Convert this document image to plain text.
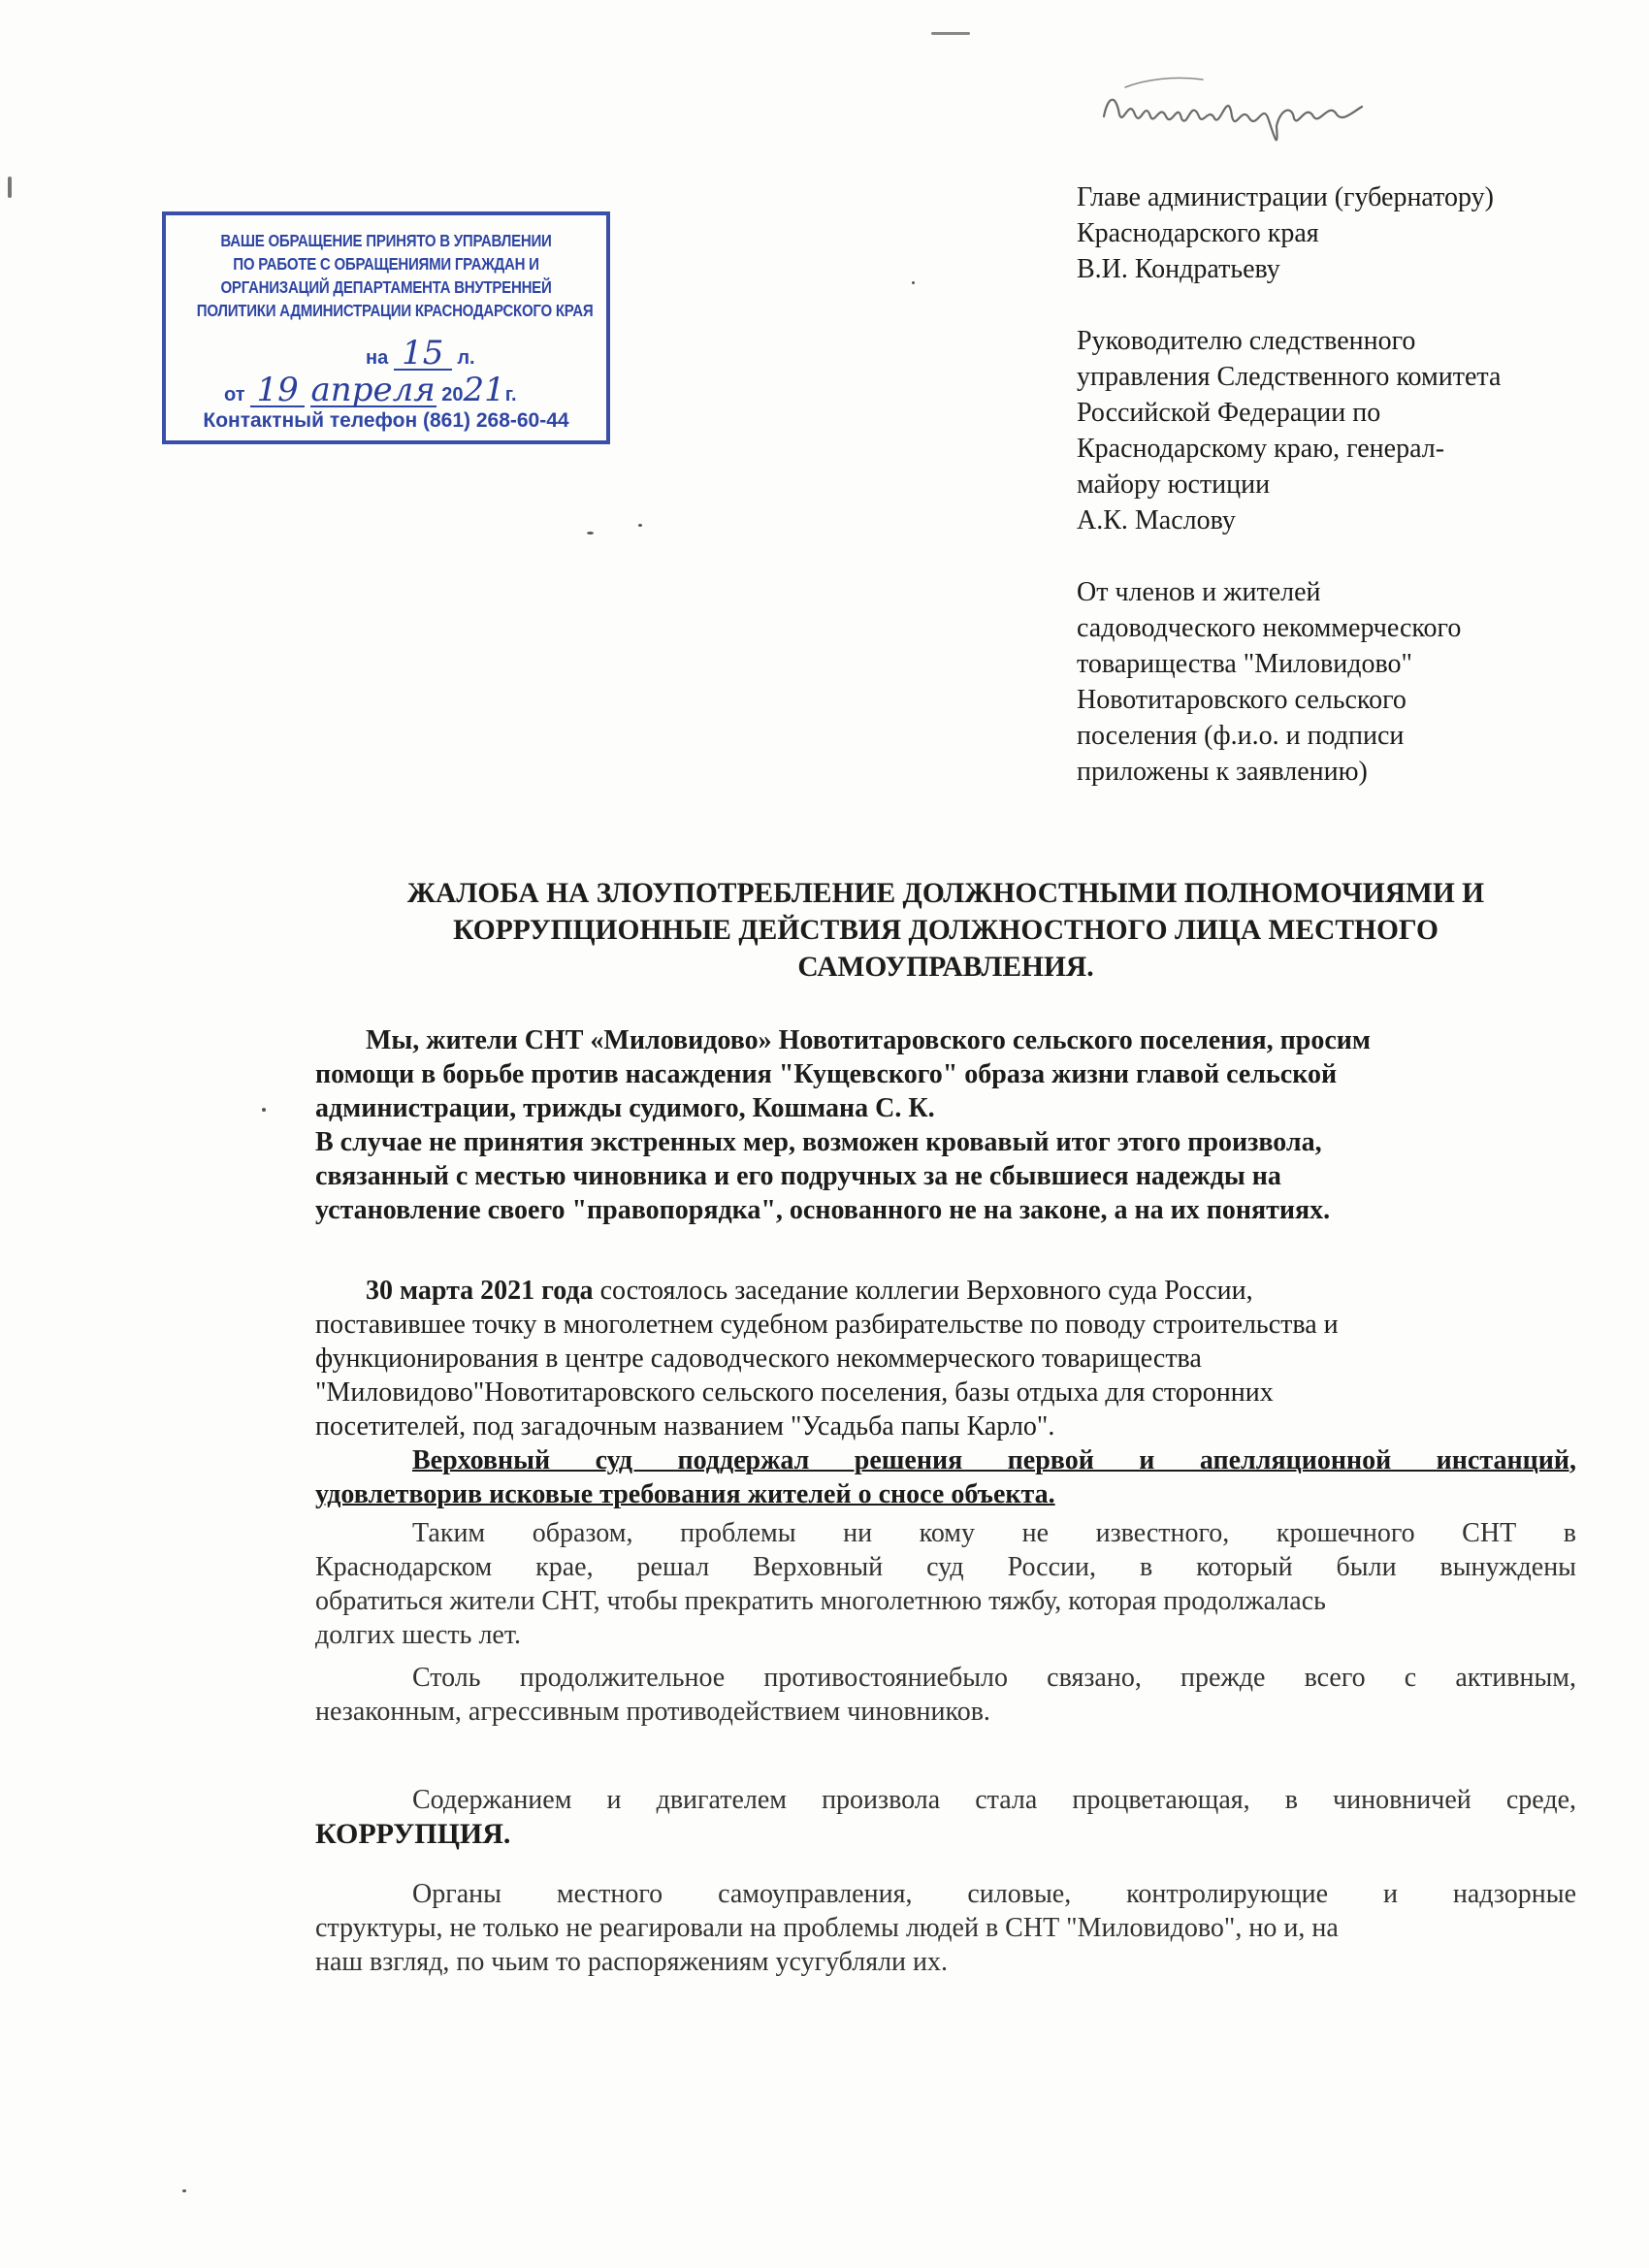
ВАШЕ ОБРАЩЕНИЕ ПРИНЯТО В УПРАВЛЕНИИ
ПО РАБОТЕ С ОБРАЩЕНИЯМИ ГРАЖДАН И
ОРГАНИЗАЦИЙ ДЕПАРТАМЕНТА ВНУТРЕННЕЙ
ПОЛИТИКИ АДМИНИСТРАЦИИ КРАСНОДАРСКОГО КРАЯ
на 15 л.
от 19 апреля 2021г.
Контактный телефон (861) 268-60-44
Главе администрации (губернатору)
Краснодарского края
В.И. Кондратьеву
Руководителю следственного
управления Следственного комитета
Российской Федерации по
Краснодарскому краю, генерал-
майору юстиции
А.К. Маслову
От членов и жителей
садоводческого некоммерческого
товарищества "Миловидово"
Новотитаровского сельского
поселения (ф.и.о. и подписи
приложены к заявлению)
ЖАЛОБА НА ЗЛОУПОТРЕБЛЕНИЕ ДОЛЖНОСТНЫМИ ПОЛНОМОЧИЯМИ И
КОРРУПЦИОННЫЕ ДЕЙСТВИЯ ДОЛЖНОСТНОГО ЛИЦА МЕСТНОГО
САМОУПРАВЛЕНИЯ.
Мы, жители СНТ «Миловидово» Новотитаровского сельского поселения, просим
помощи в борьбе против насаждения "Кущевского" образа жизни главой сельской
администрации, трижды судимого, Кошмана С. К.
В случае не принятия экстренных мер, возможен кровавый итог этого произвола,
связанный с местью чиновника и его подручных за не сбывшиеся надежды на
установление своего "правопорядка", основанного не на законе, а на их понятиях.
30 марта 2021 года состоялось заседание коллегии Верховного суда России,
поставившее точку в многолетнем судебном разбирательстве по поводу строительства и
функционирования в центре садоводческого некоммерческого товарищества
"Миловидово"Новотитаровского сельского поселения, базы отдыха для сторонних
посетителей, под загадочным названием "Усадьба папы Карло".
Верховный суд поддержал решения первой и апелляционной инстанций,
удовлетворив исковые требования жителей о сносе объекта.
Таким образом, проблемы ни кому не известного, крошечного СНТ в
Краснодарском крае, решал Верховный суд России, в который были вынуждены
обратиться жители СНТ, чтобы прекратить многолетнюю тяжбу, которая продолжалась
долгих шесть лет.
Столь продолжительное противостояниебыло связано, прежде всего с активным,
незаконным, агрессивным противодействием чиновников.
Содержанием и двигателем произвола стала процветающая, в чиновничей среде,
КОРРУПЦИЯ.
Органы местного самоуправления, силовые, контролирующие и надзорные
структуры, не только не реагировали на проблемы людей в СНТ "Миловидово", но и, на
наш взгляд, по чьим то распоряжениям усугубляли их.
